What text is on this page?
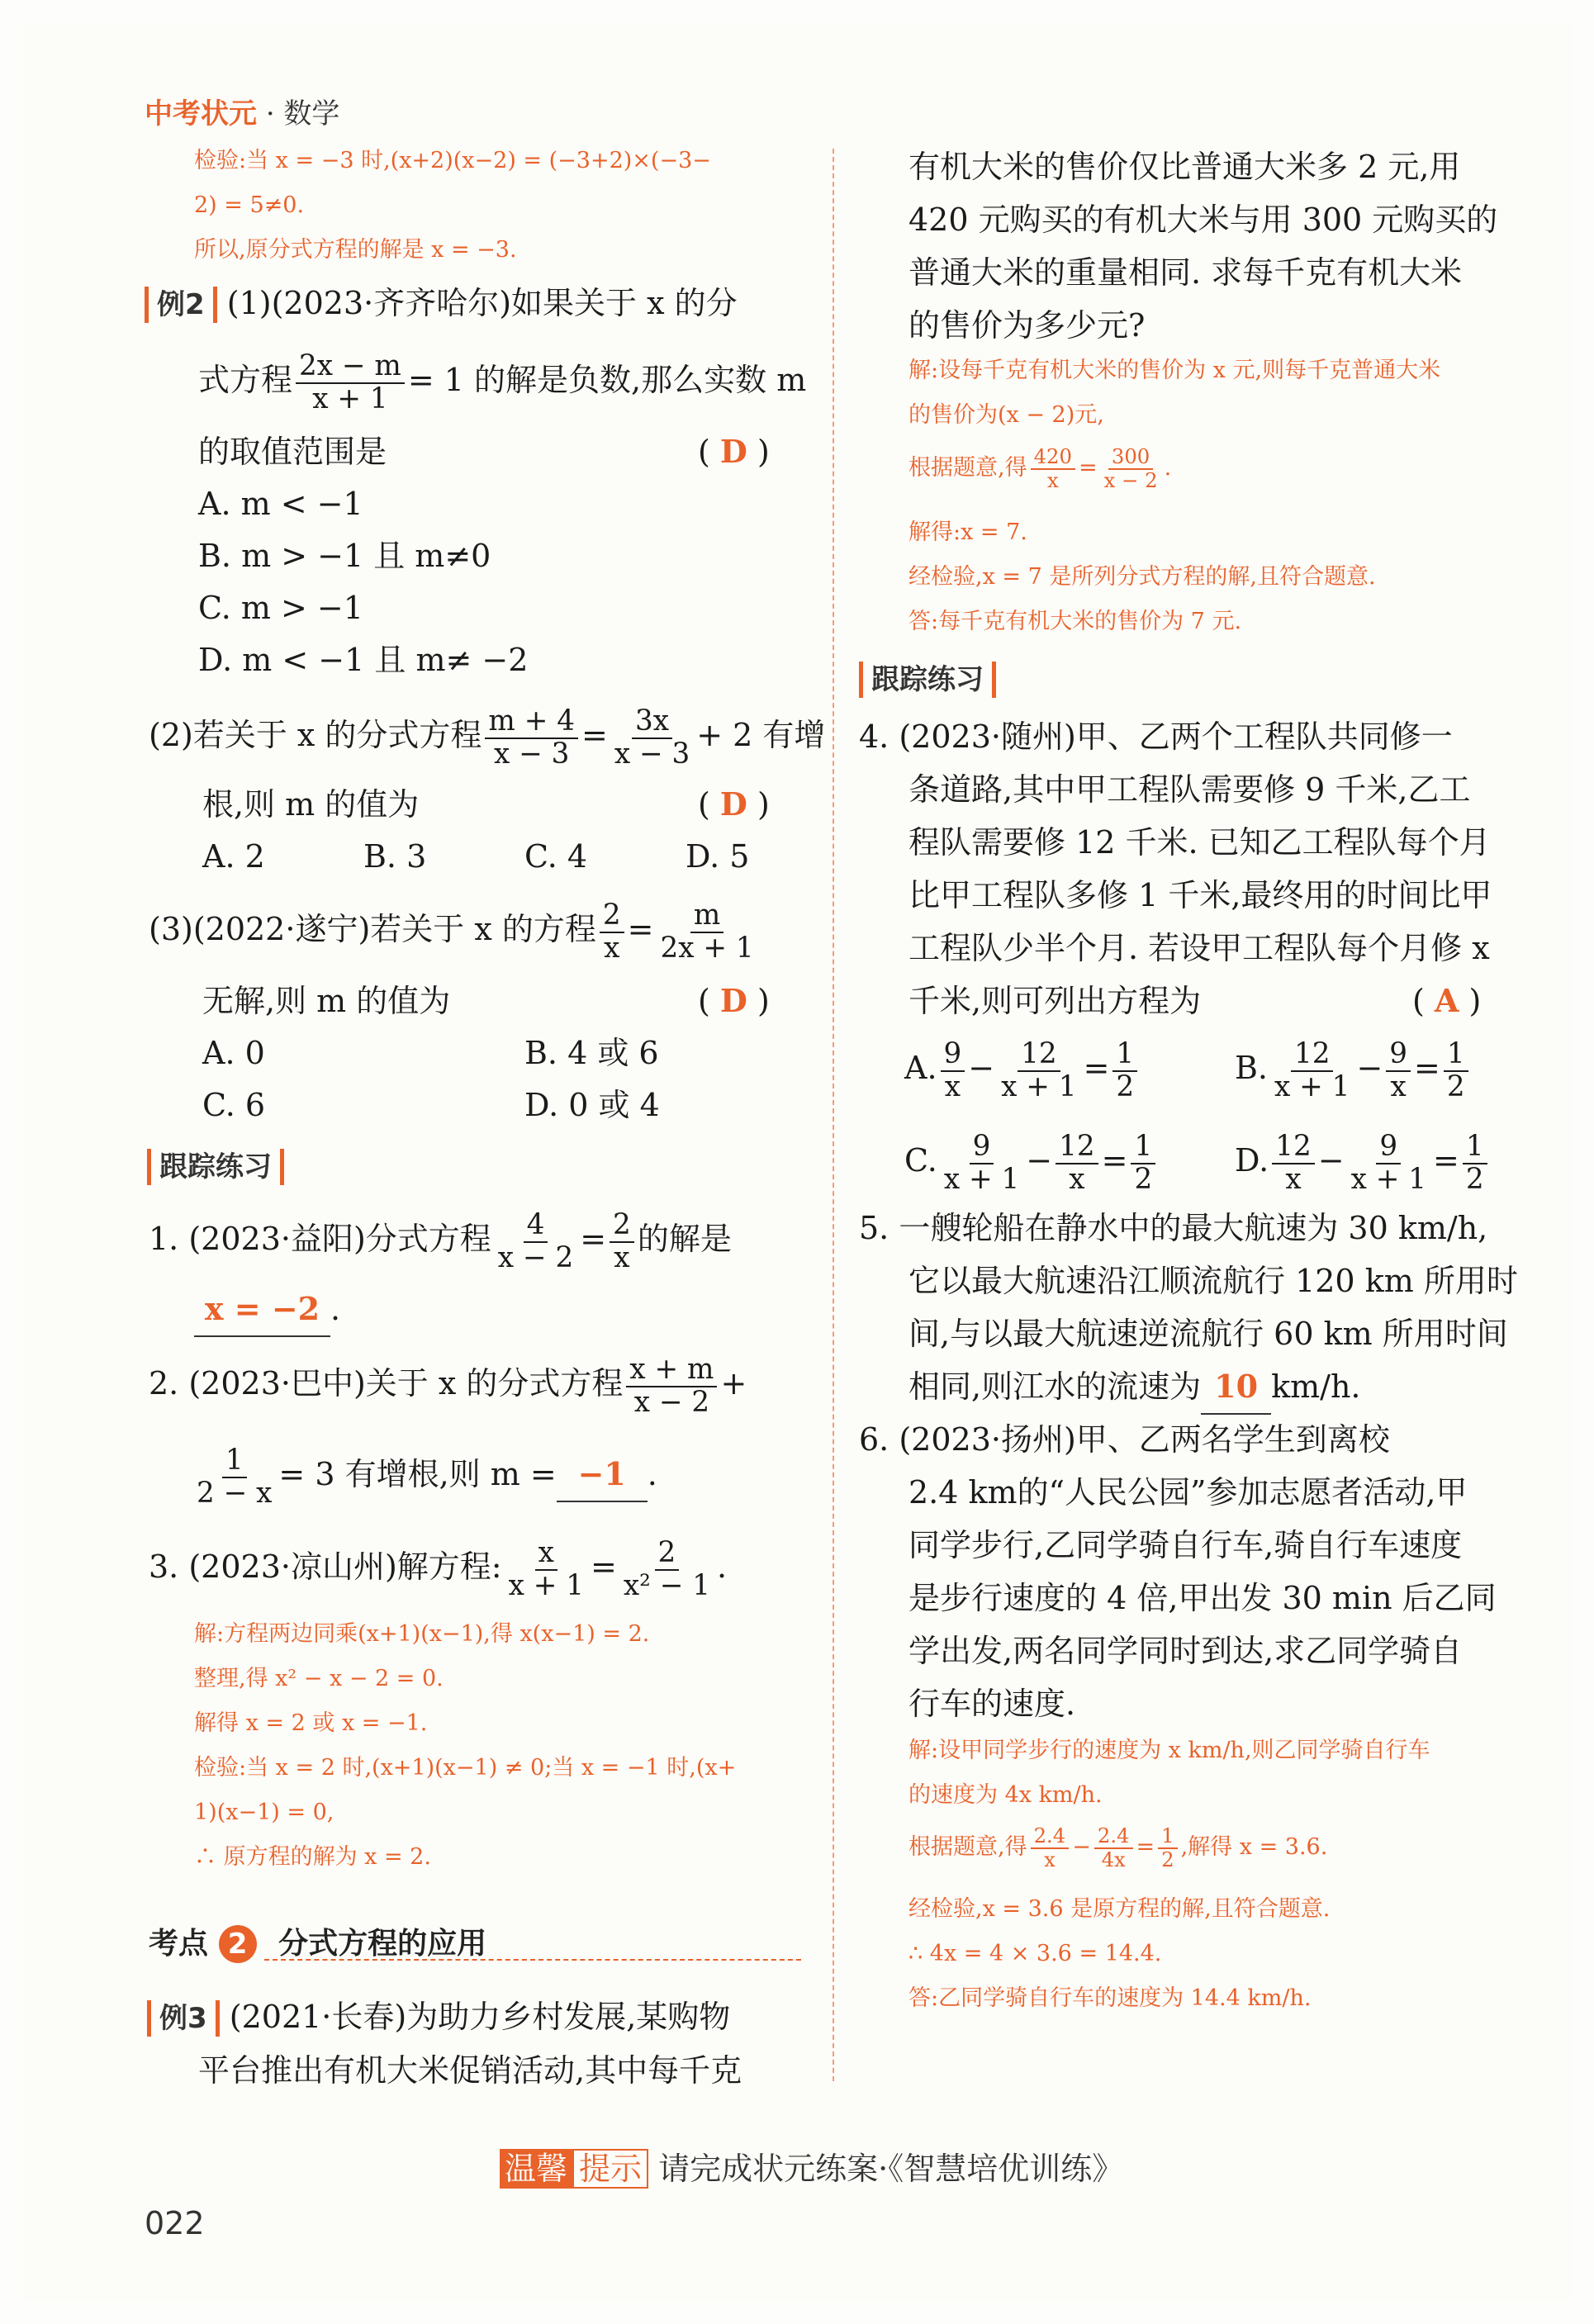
中考状元 · 数学
检验:当 x = −3 时,(x+2)(x−2) = (−3+2)×(−3−
2) = 5≠0.
所以,原分式方程的解是 x = −3.
例2 (1)(2023·齐齐哈尔)如果关于 x 的分
式方程 $\frac{2x - m}{x + 1} = 1$ 的解是负数,那么实数 m
的取值范围是	( D )
A. m < −1
B. m > −1 且 m≠0
C. m > −1
D. m < −1 且 m≠ −2
(2)若关于 x 的分式方程 $\frac{m + 4}{x - 3} = \frac{3x}{x - 3} + 2$ 有增
根,则 m 的值为	( D )
A. 2	B. 3	C. 4	D. 5
(3)(2022·遂宁)若关于 x 的方程 $\frac{2}{x} = \frac{m}{2x + 1}$
无解,则 m 的值为	( D )
A. 0	B. 4 或 6
C. 6	D. 0 或 4
跟踪练习
1. (2023·益阳)分式方程 $\frac{4}{x - 2} = \frac{2}{x}$ 的解是
x = −2 .
2. (2023·巴中)关于 x 的分式方程 $\frac{x + m}{x - 2}$ +
$\frac{1}{2 - x} = 3$ 有增根,则 m = −1 .
3. (2023·凉山州)解方程: $\frac{x}{x + 1} = \frac{2}{\text{x² − 1}}$ .
解:方程两边同乘(x+1)(x−1),得 x(x−1) = 2.
整理,得 x² − x − 2 = 0.
解得 x = 2 或 x = −1.
检验:当 x = 2 时,(x+1)(x−1) ≠ 0;当 x = −1 时,(x+
1)(x−1) = 0,
∴ 原方程的解为 x = 2.
考点 2 分式方程的应用
例3 (2021·长春)为助力乡村发展,某购物
平台推出有机大米促销活动,其中每千克
有机大米的售价仅比普通大米多 2 元,用
420 元购买的有机大米与用 300 元购买的
普通大米的重量相同. 求每千克有机大米
的售价为多少元?
解:设每千克有机大米的售价为 x 元,则每千克普通大米
的售价为(x − 2)元,
根据题意,得 $\frac{420}{x} = \frac{300}{x - 2}$ .
解得:x = 7.
经检验,x = 7 是所列分式方程的解,且符合题意.
答:每千克有机大米的售价为 7 元.
跟踪练习
4. (2023·随州)甲、乙两个工程队共同修一
条道路,其中甲工程队需要修 9 千米,乙工
程队需要修 12 千米. 已知乙工程队每个月
比甲工程队多修 1 千米,最终用的时间比甲
工程队少半个月. 若设甲工程队每个月修 x
千米,则可列出方程为	( A )
A. $\frac{9}{x} - \frac{12}{x + 1} = \frac{1}{2}$	B. $\frac{12}{x + 1} - \frac{9}{x} = \frac{1}{2}$
C. $\frac{9}{x + 1} - \frac{12}{x} = \frac{1}{2}$	D. $\frac{12}{x} - \frac{9}{x + 1} = \frac{1}{2}$
5. 一艘轮船在静水中的最大航速为 30 km/h,
它以最大航速沿江顺流航行 120 km 所用时
间,与以最大航速逆流航行 60 km 所用时间
相同,则江水的流速为 10 km/h.
6. (2023·扬州)甲、乙两名学生到离校
2.4 km的“人民公园”参加志愿者活动,甲
同学步行,乙同学骑自行车,骑自行车速度
是步行速度的 4 倍,甲出发 30 min 后乙同
学出发,两名同学同时到达,求乙同学骑自
行车的速度.
解:设甲同学步行的速度为 x km/h,则乙同学骑自行车
的速度为 4x km/h.
根据题意,得 $\frac{2.4}{x} - \frac{2.4}{4x} = \frac{1}{2}$ ,解得 x = 3.6.
经检验,x = 3.6 是原方程的解,且符合题意.
∴ 4x = 4 × 3.6 = 14.4.
答:乙同学骑自行车的速度为 14.4 km/h.
温馨 提示 请完成状元练案·《智慧培优训练》
022
